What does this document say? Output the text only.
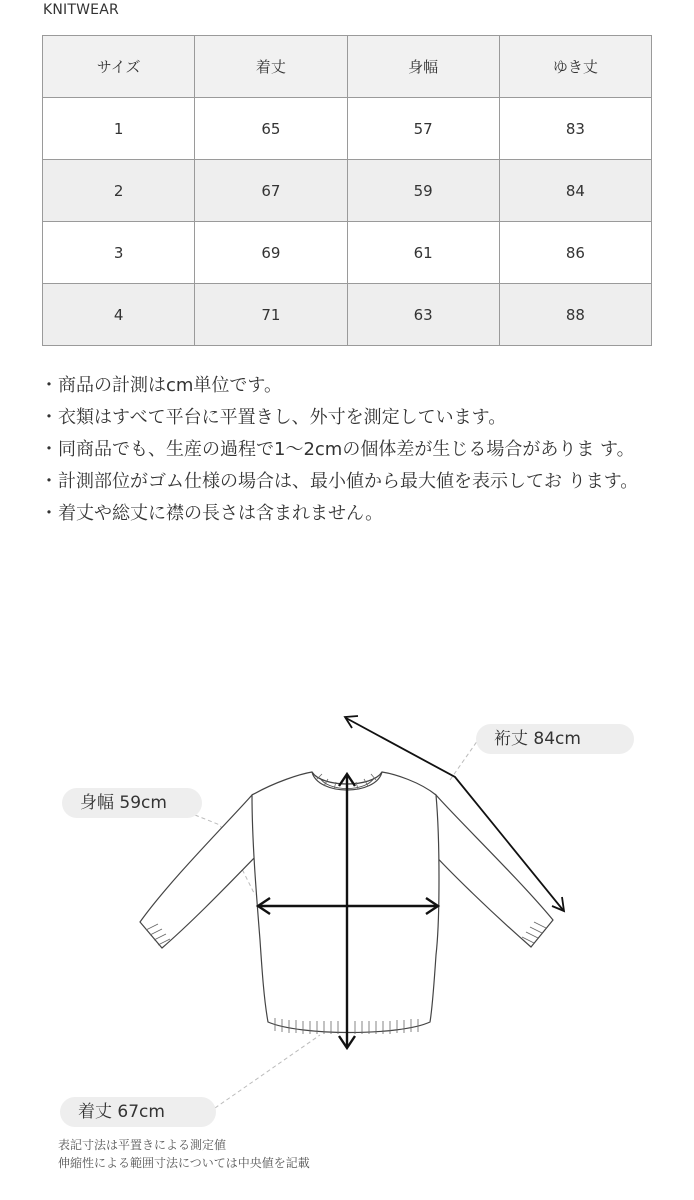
KNITWEAR
サイズ	着丈	身幅	ゆき丈
1	65	57	83
2	67	59	84
3	69	61	86
4	71	63	88

・商品の計測はcm単位です。

・衣類はすべて平台に平置きし、外寸を測定しています。

・同商品でも、生産の過程で1〜2cmの個体差が生じる場合がありま す。

・計測部位がゴム仕様の場合は、最小値から最大値を表示してお ります。

・着丈や総丈に襟の長さは含まれません。

裄丈 84cm
身幅 59cm
着丈 67cm
表記寸法は平置きによる測定値
伸縮性による範囲寸法については中央値を記載
